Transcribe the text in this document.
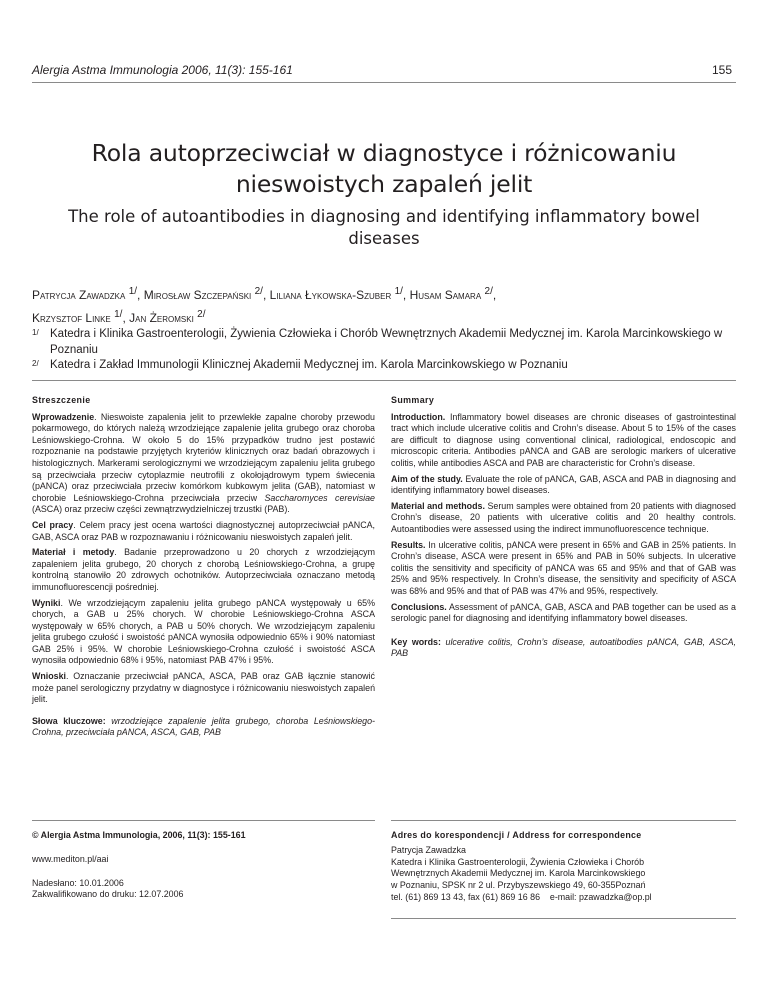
Alergia Astma Immunologia 2006, 11(3): 155-161	155
Rola autoprzeciwciał w diagnostyce i różnicowaniu nieswoistych zapaleń jelit
The role of autoantibodies in diagnosing and identifying inflammatory bowel diseases
Patrycja Zawadzka $^{1/}$, Mirosław Szczepański $^{2/}$, Liliana Łykowska-Szuber $^{1/}$, Husam Samara $^{2/}$,
Krzysztof Linke $^{1/}$, Jan Żeromski $^{2/}$
1/ Katedra i Klinika Gastroenterologii, Żywienia Człowieka i Chorób Wewnętrznych Akademii Medycznej im. Karola Marcinkowskiego w Poznaniu
2/ Katedra i Zakład Immunologii Klinicznej Akademii Medycznej im. Karola Marcinkowskiego w Poznaniu
Streszczenie

Wprowadzenie. Nieswoiste zapalenia jelit to przewlekłe zapalne choroby przewodu pokarmowego, do których należą wrzodziejące zapalenie jelita grubego oraz choroba Leśniowskiego-Crohna. W około 5 do 15% przypadków trudno jest postawić rozpoznanie na podstawie przyjętych kryteriów klinicznych oraz badań obrazowych i histologicznych. Markerami serologicznymi we wrzodziejącym zapaleniu jelita grubego są przeciwciała przeciw cytoplazmie neutrofili z okołojądrowym typem świecenia (pANCA) oraz przeciwciała przeciw komórkom kubkowym jelita (GAB), natomiast w chorobie Leśniowskiego-Crohna przeciwciała przeciw Saccharomyces cerevisiae (ASCA) oraz przeciw części zewnątrzwydzielniczej trzustki (PAB).

Cel pracy. Celem pracy jest ocena wartości diagnostycznej autoprzeciwciał pANCA, GAB, ASCA oraz PAB w rozpoznawaniu i różnicowaniu nieswoistych zapaleń jelit.

Materiał i metody. Badanie przeprowadzono u 20 chorych z wrzodziejącym zapaleniem jelita grubego, 20 chorych z chorobą Leśniowskiego-Crohna, a grupę kontrolną stanowiło 20 zdrowych ochotników. Autoprzeciwciała oznaczano metodą immunofluorescencji pośredniej.

Wyniki. We wrzodziejącym zapaleniu jelita grubego pANCA występowały u 65% chorych, a GAB u 25% chorych. W chorobie Leśniowskiego-Crohna ASCA występowały w 65% chorych, a PAB u 50% chorych. We wrzodziejącym zapaleniu jelita grubego czułość i swoistość pANCA wynosiła odpowiednio 65% i 90% natomiast GAB 25% i 95%. W chorobie Leśniowskiego-Crohna czułość i swoistość ASCA wynosiła odpowiednio 68% i 95%, natomiast PAB 47% i 95%.

Wnioski. Oznaczanie przeciwciał pANCA, ASCA, PAB oraz GAB łącznie stanowić może panel serologiczny przydatny w diagnostyce i różnicowaniu nieswoistych zapaleń jelit.

Słowa kluczowe: wrzodziejące zapalenie jelita grubego, choroba Leśniowskiego-Crohna, przeciwciała pANCA, ASCA, GAB, PAB

Summary

Introduction. Inflammatory bowel diseases are chronic diseases of gastrointestinal tract which include ulcerative colitis and Crohn’s disease. About 5 to 15% of the cases are difficult to diagnose using conventional clinical, radiological, endoscopic and microscopic criteria. Antibodies pANCA and GAB are serologic markers of ulcerative colitis, while antibodies ASCA and PAB are characteristic for Crohn’s disease.

Aim of the study. Evaluate the role of pANCA, GAB, ASCA and PAB in diagnosing and identifying inflammatory bowel diseases.

Material and methods. Serum samples were obtained from 20 patients with diagnosed Crohn’s disease, 20 patients with ulcerative colitis and 20 healthy controls. Autoantibodies were assessed using the indirect immunofluorescence technique.

Results. In ulcerative colitis, pANCA were present in 65% and GAB in 25% patients. In Crohn’s disease, ASCA were present in 65% and PAB in 50% subjects. In ulcerative colitis the sensitivity and specificity of pANCA was 65 and 95% and that of GAB was 25% and 95% respectively. In Crohn’s disease, the sensitivity and specificity of ASCA was 68% and 95% and that of PAB was 47% and 95%, respectively.

Conclusions. Assessment of pANCA, GAB, ASCA and PAB together can be used as a serologic panel for diagnosing and identifying inflammatory bowel diseases.

Key words: ulcerative colitis, Crohn’s disease, autoatibodies pANCA, GAB, ASCA, PAB

© Alergia Astma Immunologia, 2006, 11(3): 155-161
www.mediton.pl/aai
Nadesłano: 10.01.2006
Zakwalifikowano do druku: 12.07.2006
Adres do korespondencji / Address for correspondence
Patrycja Zawadzka
Katedra i Klinika Gastroenterologii, Żywienia Człowieka i Chorób
Wewnętrznych Akademii Medycznej im. Karola Marcinkowskiego
w Poznaniu, SPSK nr 2 ul. Przybyszewskiego 49, 60-355Poznań
tel. (61) 869 13 43, fax (61) 869 16 86 e-mail: pzawadzka@op.pl
